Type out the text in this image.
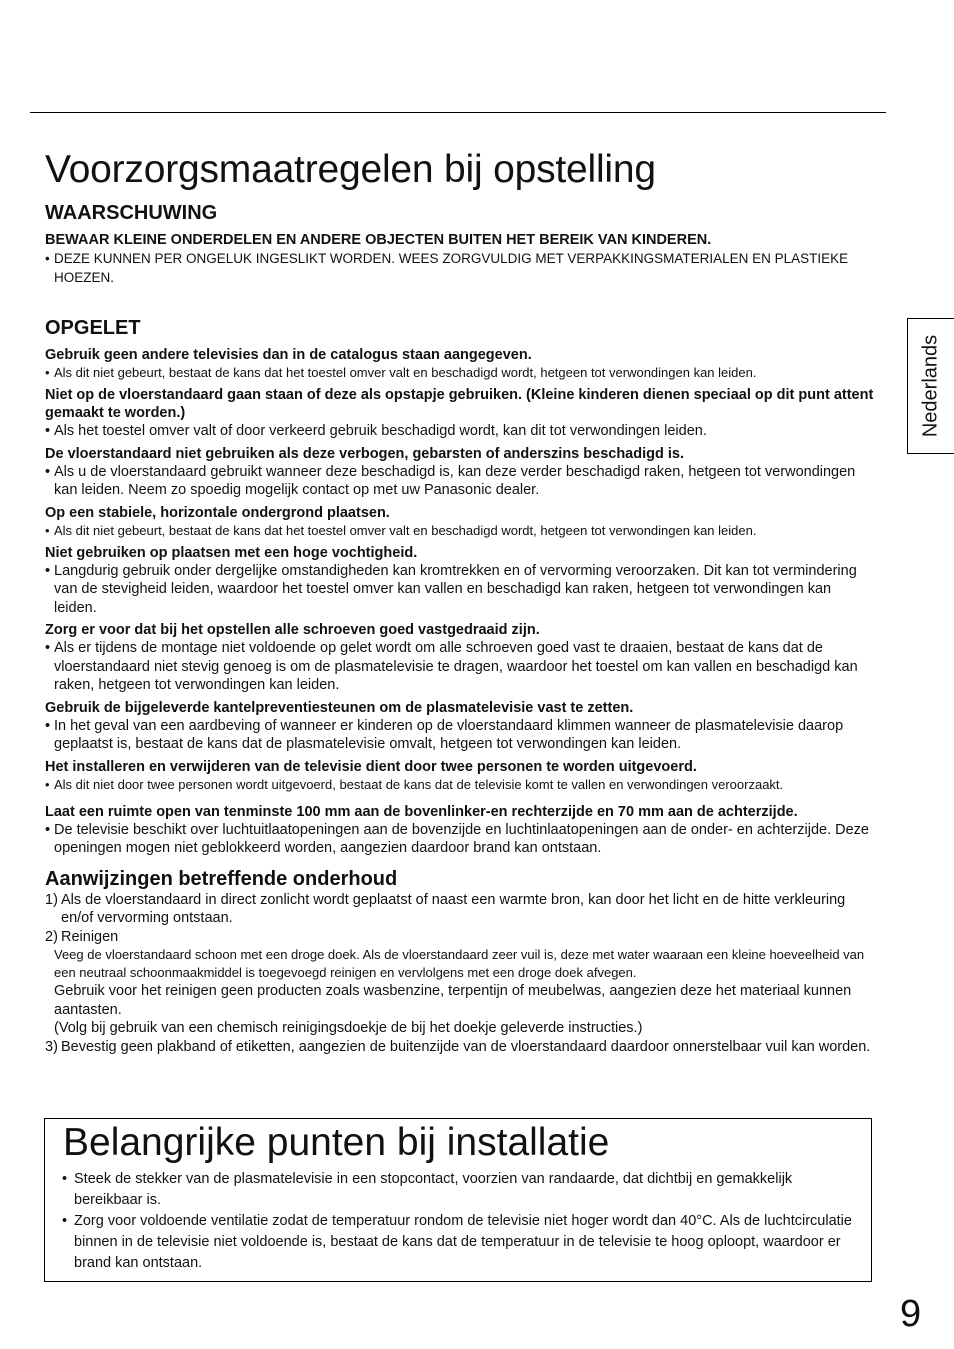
Nederlands
Voorzorgsmaatregelen bij opstelling
WAARSCHUWING

BEWAAR KLEINE ONDERDELEN EN ANDERE OBJECTEN BUITEN HET BEREIK VAN KINDEREN.

• DEZE KUNNEN PER ONGELUK INGESLIKT WORDEN. WEES ZORGVULDIG MET VERPAKKINGSMATERIALEN EN PLASTIEKE HOEZEN.

OPGELET

Gebruik geen andere televisies dan in de catalogus staan aangegeven.

• Als dit niet gebeurt, bestaat de kans dat het toestel omver valt en beschadigd wordt, hetgeen tot verwondingen kan leiden.

Niet op de vloerstandaard gaan staan of deze als opstapje gebruiken. (Kleine kinderen dienen speciaal op dit punt attent gemaakt te worden.)

• Als het toestel omver valt of door verkeerd gebruik beschadigd wordt, kan dit tot verwondingen leiden.

De vloerstandaard niet gebruiken als deze verbogen, gebarsten of anderszins beschadigd is.

• Als u de vloerstandaard gebruikt wanneer deze beschadigd is, kan deze verder beschadigd raken, hetgeen tot verwondingen kan leiden. Neem zo spoedig mogelijk contact op met uw Panasonic dealer.

Op een stabiele, horizontale ondergrond plaatsen.

• Als dit niet gebeurt, bestaat de kans dat het toestel omver valt en beschadigd wordt, hetgeen tot verwondingen kan leiden.

Niet gebruiken op plaatsen met een hoge vochtigheid.

• Langdurig gebruik onder dergelijke omstandigheden kan kromtrekken en of vervorming veroorzaken. Dit kan tot vermindering van de stevigheid leiden, waardoor het toestel omver kan vallen en beschadigd kan raken, hetgeen tot verwondingen kan leiden.

Zorg er voor dat bij het opstellen alle schroeven goed vastgedraaid zijn.

• Als er tijdens de montage niet voldoende op gelet wordt om alle schroeven goed vast te draaien, bestaat de kans dat de vloerstandaard niet stevig genoeg is om de plasmatelevisie te dragen, waardoor het toestel om kan vallen en beschadigd kan raken, hetgeen tot verwondingen kan leiden.

Gebruik de bijgeleverde kantelpreventiesteunen om de plasmatelevisie vast te zetten.

• In het geval van een aardbeving of wanneer er kinderen op de vloerstandaard klimmen wanneer de plasmatelevisie daarop geplaatst is, bestaat de kans dat de plasmatelevisie omvalt, hetgeen tot verwondingen kan leiden.

Het installeren en verwijderen van de televisie dient door twee personen te worden uitgevoerd.

• Als dit niet door twee personen wordt uitgevoerd, bestaat de kans dat de televisie komt te vallen en verwondingen veroorzaakt.

Laat een ruimte open van tenminste 100 mm aan de bovenlinker-en rechterzijde en 70 mm aan de achterzijde.

• De televisie beschikt over luchtuitlaatopeningen aan de bovenzijde en luchtinlaatopeningen aan de onder- en achterzijde. Deze openingen mogen niet geblokkeerd worden, aangezien daardoor brand kan ontstaan.

Aanwijzingen betreffende onderhoud

1) Als de vloerstandaard in direct zonlicht wordt geplaatst of naast een warmte bron, kan door het licht en de hitte verkleuring en/of vervorming ontstaan.

2) Reinigen

Veeg de vloerstandaard schoon met een droge doek. Als de vloerstandaard zeer vuil is, deze met water waaraan een kleine hoeveelheid van een neutraal schoonmaakmiddel is toegevoegd reinigen en vervlolgens met een droge doek afvegen.

Gebruik voor het reinigen geen producten zoals wasbenzine, terpentijn of meubelwas, aangezien deze het materiaal kunnen aantasten.

(Volg bij gebruik van een chemisch reinigingsdoekje de bij het doekje geleverde instructies.)

3) Bevestig geen plakband of etiketten, aangezien de buitenzijde van de vloerstandaard daardoor onnerstelbaar vuil kan worden.

Belangrijke punten bij installatie
• Steek de stekker van de plasmatelevisie in een stopcontact, voorzien van randaarde, dat dichtbij en gemakkelijk bereikbaar is.
• Zorg voor voldoende ventilatie zodat de temperatuur rondom de televisie niet hoger wordt dan 40°C. Als de luchtcirculatie binnen in de televisie niet voldoende is, bestaat de kans dat de temperatuur in de televisie te hoog oploopt, waardoor er brand kan ontstaan.
9
